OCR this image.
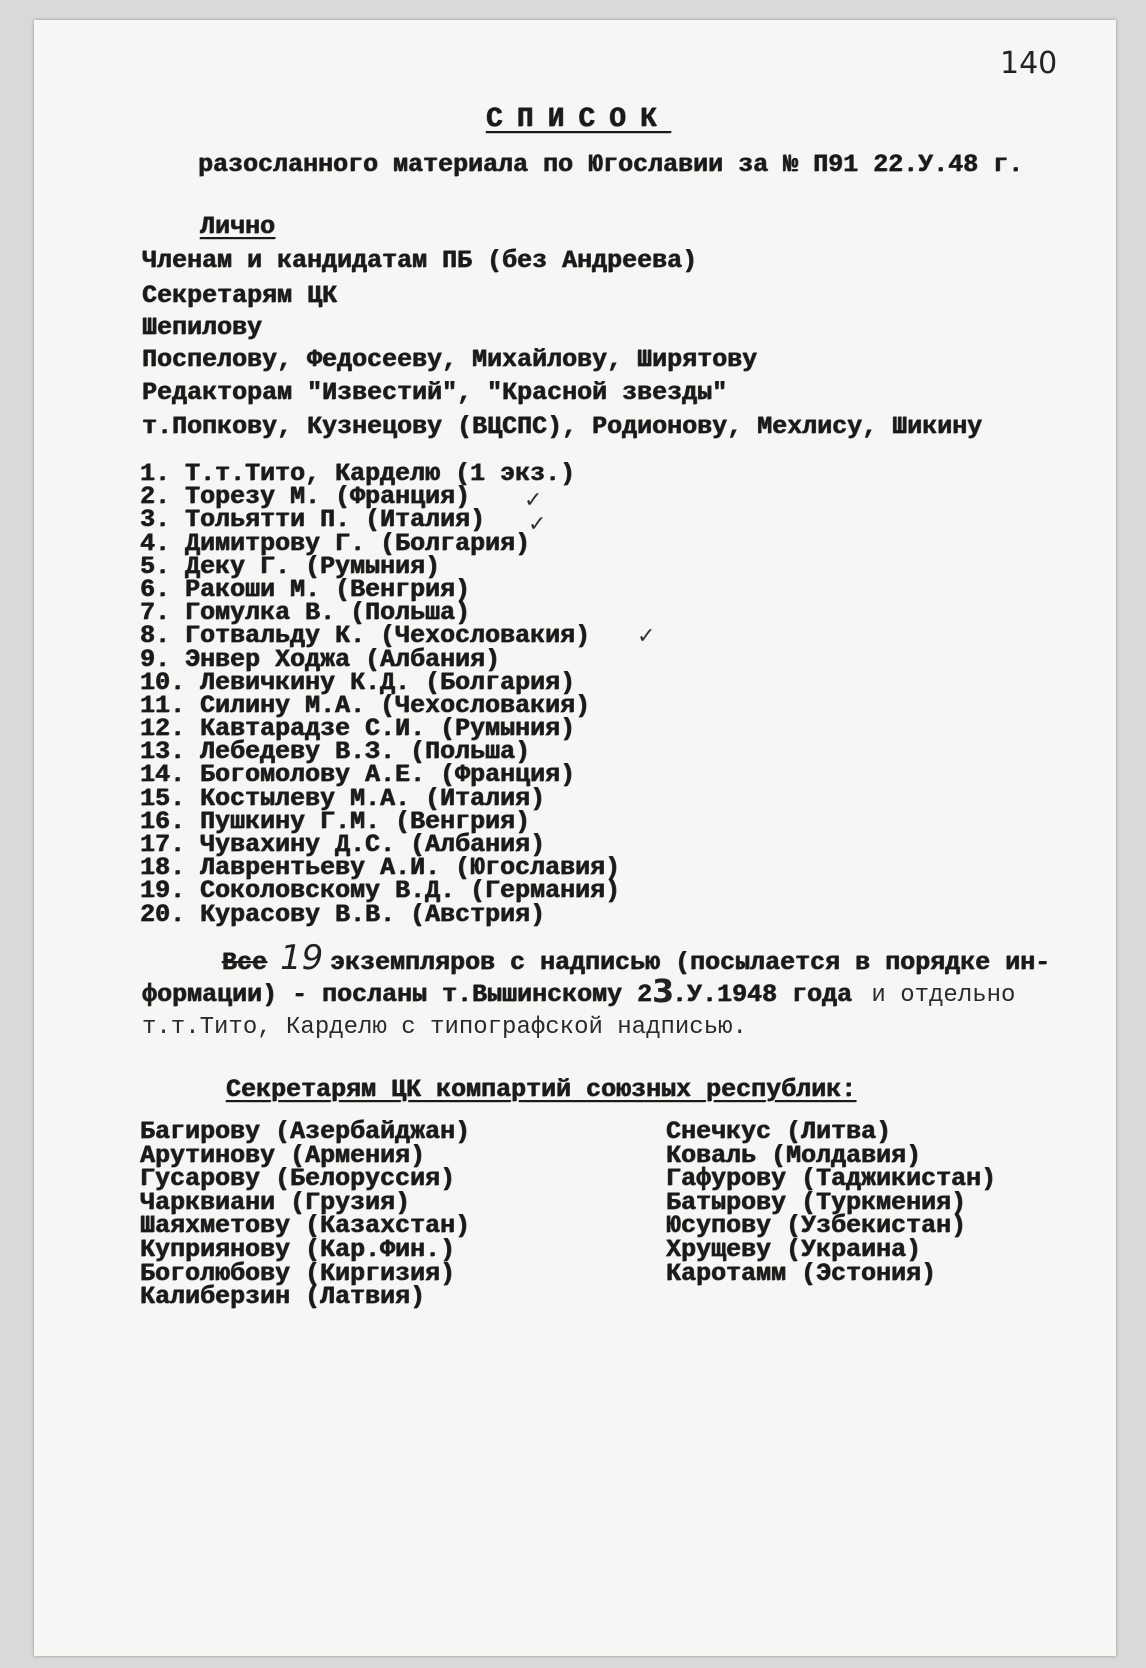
140
СПИСОК
разосланного материала по Югославии за № П91 22.У.48 г.
Лично
Членам и кандидатам ПБ (без Андреева)
Секретарям ЦК
Шепилову
Поспелову, Федосееву, Михайлову, Ширятову
Редакторам "Известий", "Красной звезды"
т.Попкову, Кузнецову (ВЦСПС), Родионову, Мехлису, Шикину
1. Т.т.Тито, Карделю (1 экз.)
2. Торезу М. (Франция)
3. Тольятти П. (Италия)
4. Димитрову Г. (Болгария)
5. Деку Г. (Румыния)
6. Ракоши М. (Венгрия)
7. Гомулка В. (Польша)
8. Готвальду К. (Чехословакия)
9. Энвер Ходжа (Албания)
10. Левичкину К.Д. (Болгария)
11. Силину М.А. (Чехословакия)
12. Кавтарадзе С.И. (Румыния)
13. Лебедеву В.З. (Польша)
14. Богомолову А.Е. (Франция)
15. Костылеву М.А. (Италия)
16. Пушкину Г.М. (Венгрия)
17. Чувахину Д.С. (Албания)
18. Лаврентьеву А.И. (Югославия)
19. Соколовскому В.Д. (Германия)
20. Курасову В.В. (Австрия)
✓
✓
✓
Все 19 экземпляров с надписью (посылается в порядке ин-
формации) - посланы т.Вышинскому 2 3
.У.1948 года и отдельно
т.т.Тито, Карделю с типографской надписью.
Секретарям ЦК компартий союзных республик:
Багирову (Азербайджан)
Арутинову (Армения)
Гусарову (Белоруссия)
Чарквиани (Грузия)
Шаяхметову (Казахстан)
Куприянову (Кар.Фин.)
Боголюбову (Киргизия)
Калиберзин (Латвия)
Снечкус (Литва)
Коваль (Молдавия)
Гафурову (Таджикистан)
Батырову (Туркмения)
Юсупову (Узбекистан)
Хрущеву (Украина)
Каротамм (Эстония)
